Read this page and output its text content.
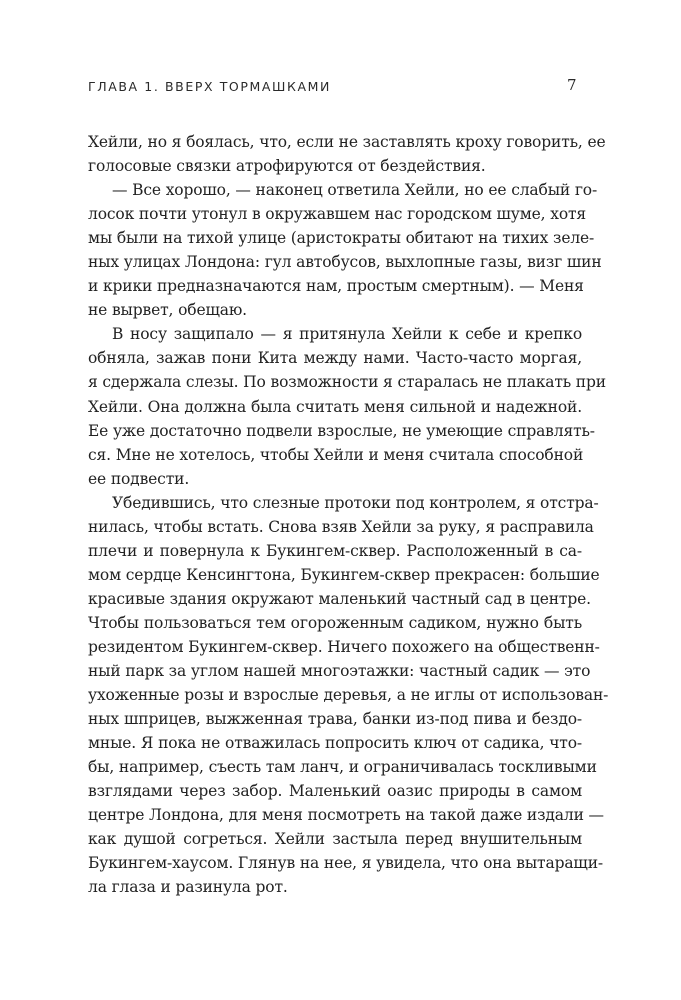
ГЛАВА 1. ВВЕРХ ТОРМАШКАМИ	7
Хейли, но я боялась, что, если не заставлять кроху говорить, ее
голосовые связки атрофируются от бездействия.
— Все хорошо, — наконец ответила Хейли, но ее слабый го-
лосок почти утонул в окружавшем нас городском шуме, хотя
мы были на тихой улице (аристократы обитают на тихих зеле-
ных улицах Лондона: гул автобусов, выхлопные газы, визг шин
и крики предназначаются нам, простым смертным). — Меня
не вырвет, обещаю.
В носу защипало — я притянула Хейли к себе и крепко
обняла, зажав пони Кита между нами. Часто-часто моргая,
я сдержала слезы. По возможности я старалась не плакать при
Хейли. Она должна была считать меня сильной и надежной.
Ее уже достаточно подвели взрослые, не умеющие справлять-
ся. Мне не хотелось, чтобы Хейли и меня считала способной
ее подвести.
Убедившись, что слезные протоки под контролем, я отстра-
нилась, чтобы встать. Снова взяв Хейли за руку, я расправила
плечи и повернула к Букингем-сквер. Расположенный в са-
мом сердце Кенсингтона, Букингем-сквер прекрасен: большие
красивые здания окружают маленький частный сад в центре.
Чтобы пользоваться тем огороженным садиком, нужно быть
резидентом Букингем-сквер. Ничего похожего на общественн-
ный парк за углом нашей многоэтажки: частный садик — это
ухоженные розы и взрослые деревья, а не иглы от использован-
ных шприцев, выжженная трава, банки из-под пива и бездо-
мные. Я пока не отважилась попросить ключ от садика, что-
бы, например, съесть там ланч, и ограничивалась тоскливыми
взглядами через забор. Маленький оазис природы в самом
центре Лондона, для меня посмотреть на такой даже издали —
как душой согреться. Хейли застыла перед внушительным
Букингем-хаусом. Глянув на нее, я увидела, что она вытаращи-
ла глаза и разинула рот.
